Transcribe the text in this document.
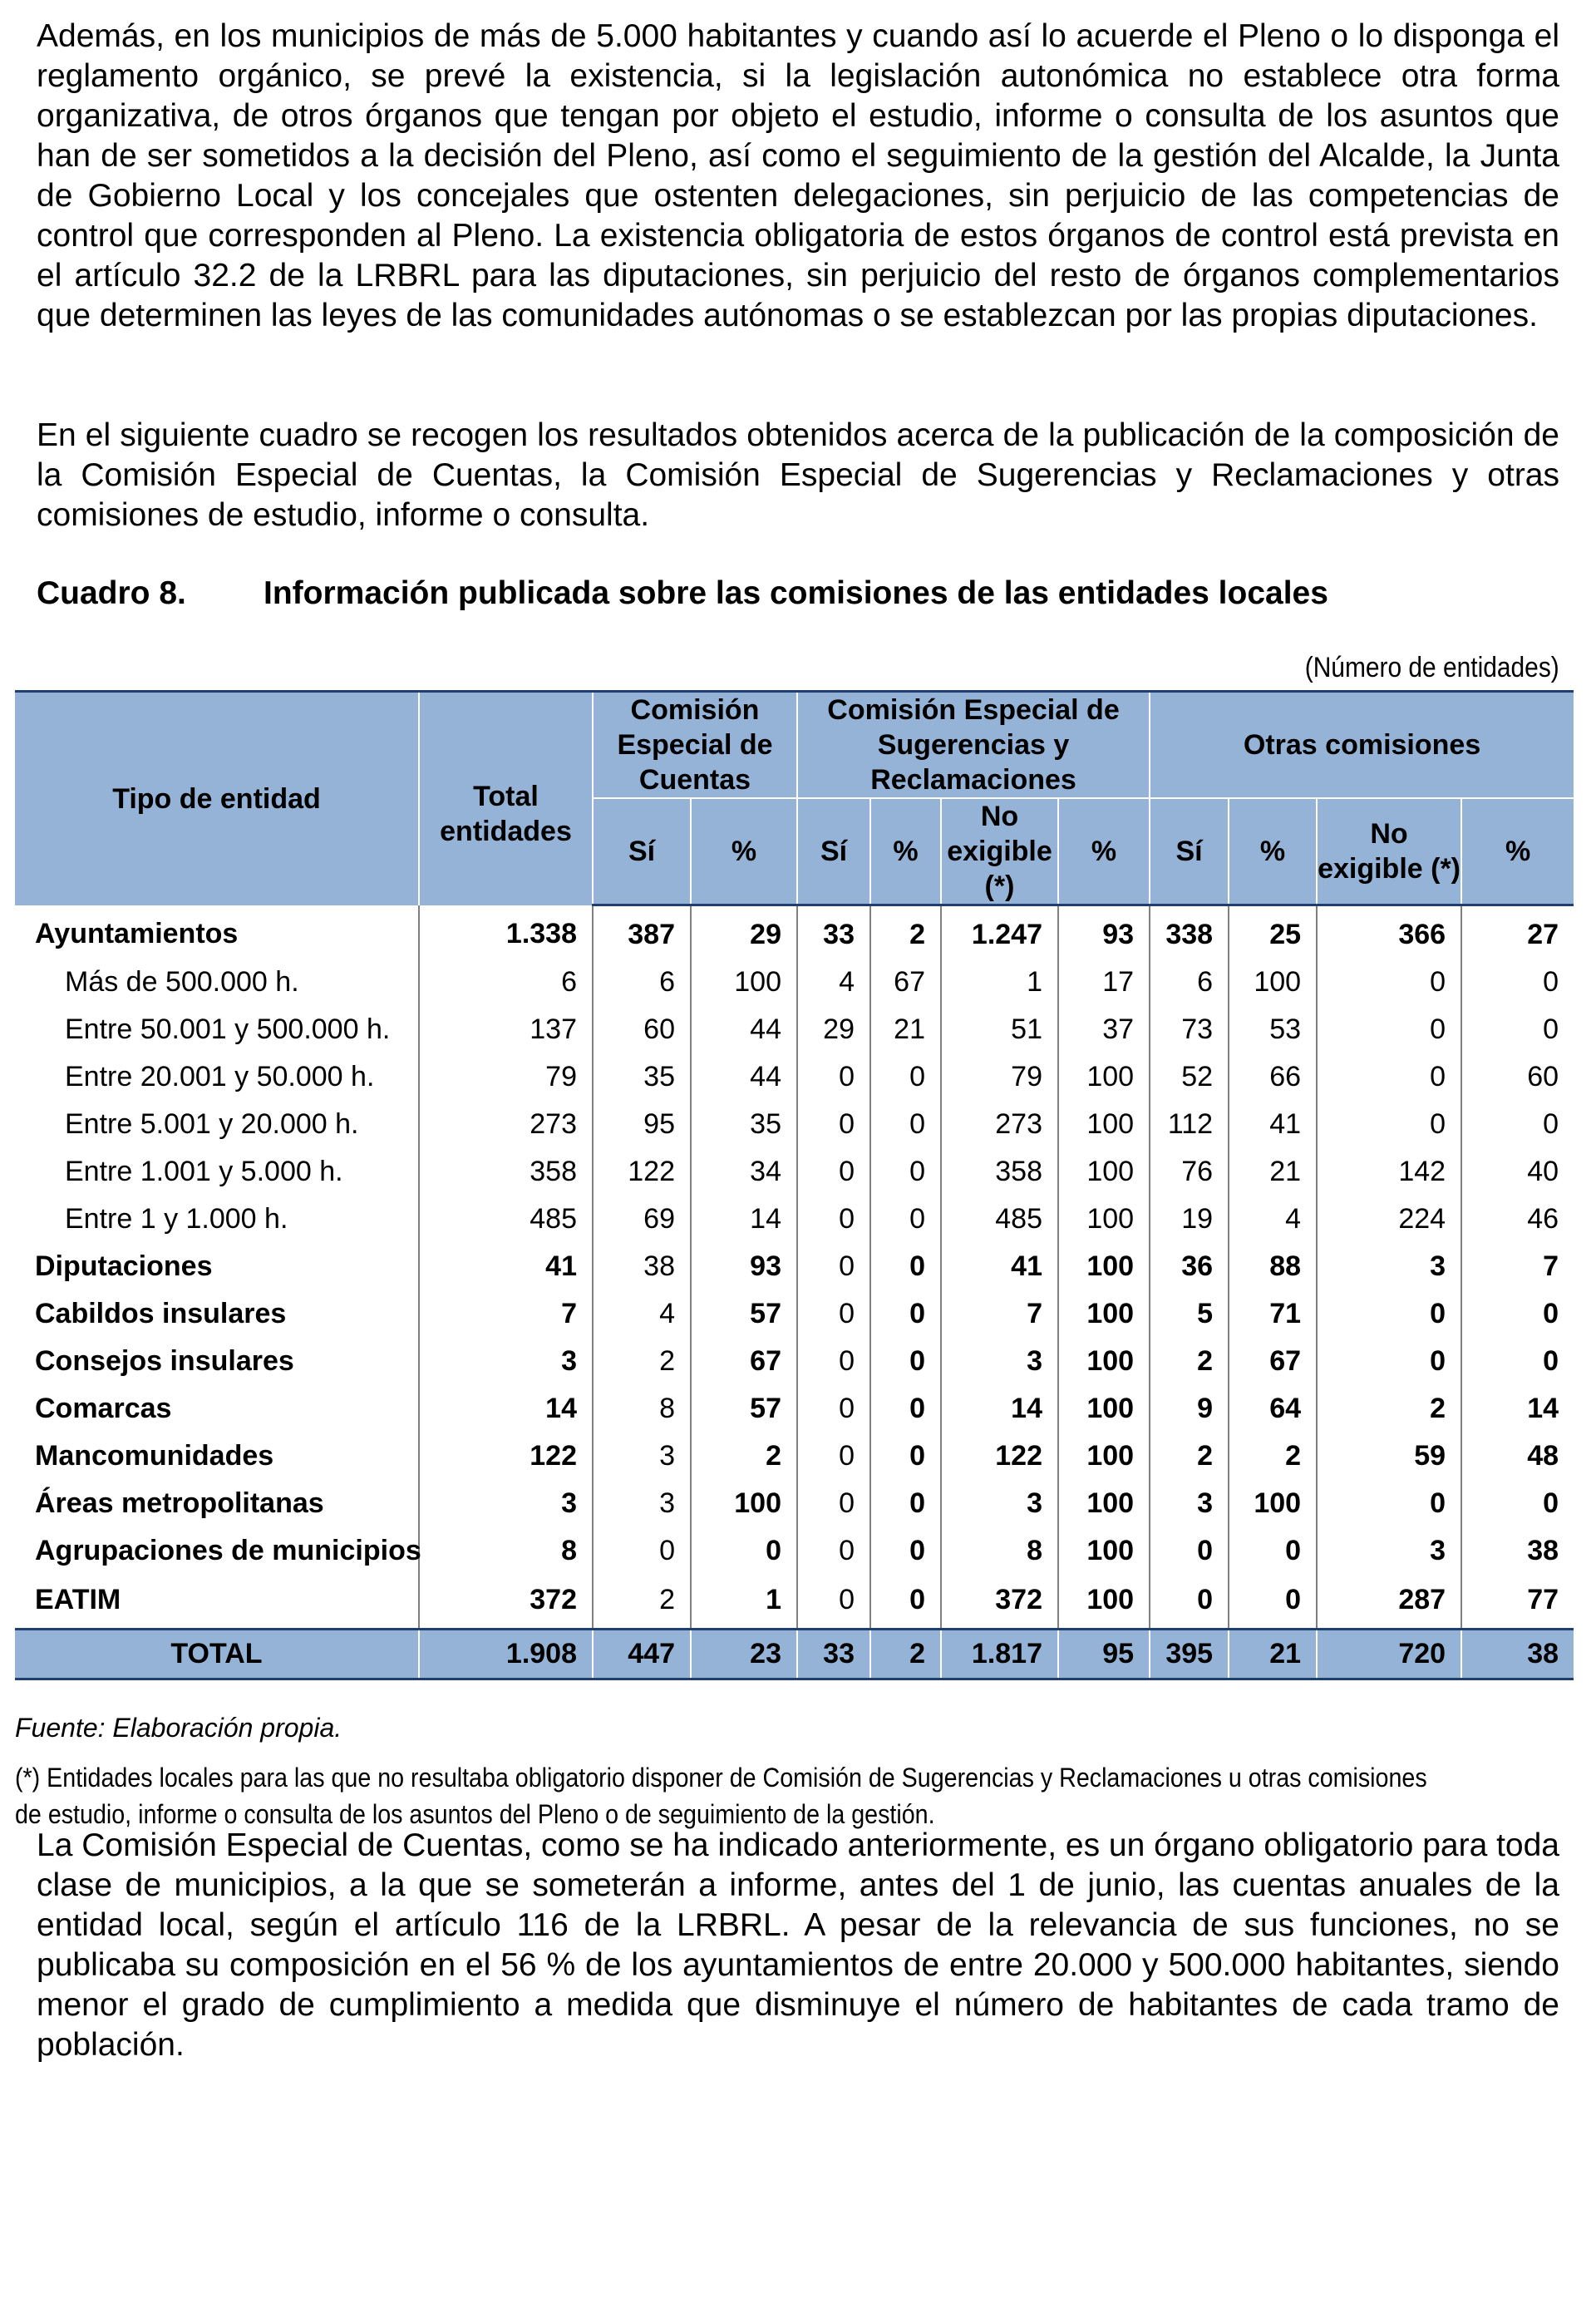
Además, en los municipios de más de 5.000 habitantes y cuando así lo acuerde el Pleno o lo disponga el reglamento orgánico, se prevé la existencia, si la legislación autonómica no establece otra forma organizativa, de otros órganos que tengan por objeto el estudio, informe o consulta de los asuntos que han de ser sometidos a la decisión del Pleno, así como el seguimiento de la gestión del Alcalde, la Junta de Gobierno Local y los concejales que ostenten delegaciones, sin perjuicio de las competencias de control que corresponden al Pleno. La existencia obligatoria de estos órganos de control está prevista en el artículo 32.2 de la LRBRL para las diputaciones, sin perjuicio del resto de órganos complementarios que determinen las leyes de las comunidades autónomas o se establezcan por las propias diputaciones.

En el siguiente cuadro se recogen los resultados obtenidos acerca de la publicación de la composición de la Comisión Especial de Cuentas, la Comisión Especial de Sugerencias y Reclamaciones y otras comisiones de estudio, informe o consulta.

Cuadro 8. Información publicada sobre las comisiones de las entidades locales
(Número de entidades)
Tipo de entidad	Total entidades	Comisión Especial de Cuentas		Comisión Especial de Sugerencias y Reclamaciones				Otras comisiones			
		Sí	%	Sí	%	No exigible (*)	%	Sí	%	No exigible (*)	%
Ayuntamientos	1.338	387	29	33	2	1.247	93	338	25	366	27
Más de 500.000 h.	6	6	100	4	67	1	17	6	100	0	0
Entre 50.001 y 500.000 h.	137	60	44	29	21	51	37	73	53	0	0
Entre 20.001 y 50.000 h.	79	35	44	0	0	79	100	52	66	0	60
Entre 5.001 y 20.000 h.	273	95	35	0	0	273	100	112	41	0	0
Entre 1.001 y 5.000 h.	358	122	34	0	0	358	100	76	21	142	40
Entre 1 y 1.000 h.	485	69	14	0	0	485	100	19	4	224	46
Diputaciones	41	38	93	0	0	41	100	36	88	3	7
Cabildos insulares	7	4	57	0	0	7	100	5	71	0	0
Consejos insulares	3	2	67	0	0	3	100	2	67	0	0
Comarcas	14	8	57	0	0	14	100	9	64	2	14
Mancomunidades	122	3	2	0	0	122	100	2	2	59	48
Áreas metropolitanas	3	3	100	0	0	3	100	3	100	0	0
Agrupaciones de municipios	8	0	0	0	0	8	100	0	0	3	38
EATIM	372	2	1	0	0	372	100	0	0	287	77
TOTAL	1.908	447	23	33	2	1.817	95	395	21	720	38
Fuente: Elaboración propia.
(*) Entidades locales para las que no resultaba obligatorio disponer de Comisión de Sugerencias y Reclamaciones u otras comisiones
de estudio, informe o consulta de los asuntos del Pleno o de seguimiento de la gestión.

La Comisión Especial de Cuentas, como se ha indicado anteriormente, es un órgano obligatorio para toda clase de municipios, a la que se someterán a informe, antes del 1 de junio, las cuentas anuales de la entidad local, según el artículo 116 de la LRBRL. A pesar de la relevancia de sus funciones, no se publicaba su composición en el 56 % de los ayuntamientos de entre 20.000 y 500.000 habitantes, siendo menor el grado de cumplimiento a medida que disminuye el número de habitantes de cada tramo de población.
